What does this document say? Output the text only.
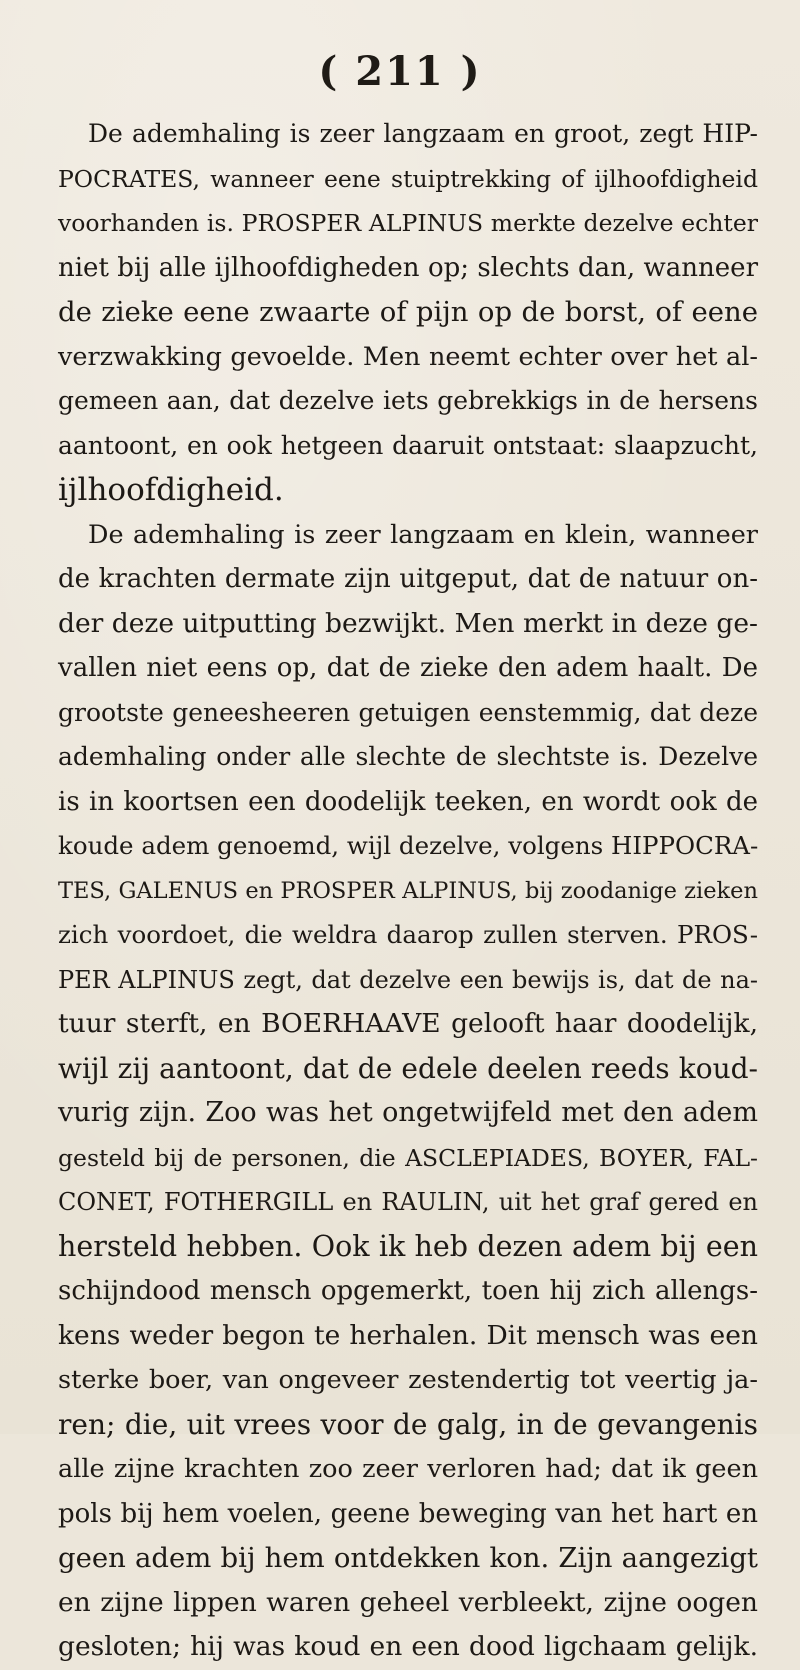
( 211 )
De ademhaling is zeer langzaam en groot, zegt HIP-
POCRATES, wanneer eene stuiptrekking of ijlhoofdigheid
voorhanden is. PROSPER ALPINUS merkte dezelve echter
niet bij alle ijlhoofdigheden op; slechts dan, wanneer
de zieke eene zwaarte of pijn op de borst, of eene
verzwakking gevoelde. Men neemt echter over het al-
gemeen aan, dat dezelve iets gebrekkigs in de hersens
aantoont, en ook hetgeen daaruit ontstaat: slaapzucht,
ijlhoofdigheid.
De ademhaling is zeer langzaam en klein, wanneer
de krachten dermate zijn uitgeput, dat de natuur on-
der deze uitputting bezwijkt. Men merkt in deze ge-
vallen niet eens op, dat de zieke den adem haalt. De
grootste geneesheeren getuigen eenstemmig, dat deze
ademhaling onder alle slechte de slechtste is. Dezelve
is in koortsen een doodelijk teeken, en wordt ook de
koude adem genoemd, wijl dezelve, volgens HIPPOCRA-
TES, GALENUS en PROSPER ALPINUS, bij zoodanige zieken
zich voordoet, die weldra daarop zullen sterven. PROS-
PER ALPINUS zegt, dat dezelve een bewijs is, dat de na-
tuur sterft, en BOERHAAVE gelooft haar doodelijk,
wijl zij aantoont, dat de edele deelen reeds koud-
vurig zijn. Zoo was het ongetwijfeld met den adem
gesteld bij de personen, die ASCLEPIADES, BOYER, FAL-
CONET, FOTHERGILL en RAULIN, uit het graf gered en
hersteld hebben. Ook ik heb dezen adem bij een
schijndood mensch opgemerkt, toen hij zich allengs-
kens weder begon te herhalen. Dit mensch was een
sterke boer, van ongeveer zestendertig tot veertig ja-
ren; die, uit vrees voor de galg, in de gevangenis
alle zijne krachten zoo zeer verloren had; dat ik geen
pols bij hem voelen, geene beweging van het hart en
geen adem bij hem ontdekken kon. Zijn aangezigt
en zijne lippen waren geheel verbleekt, zijne oogen
gesloten; hij was koud en een dood ligchaam gelijk.
